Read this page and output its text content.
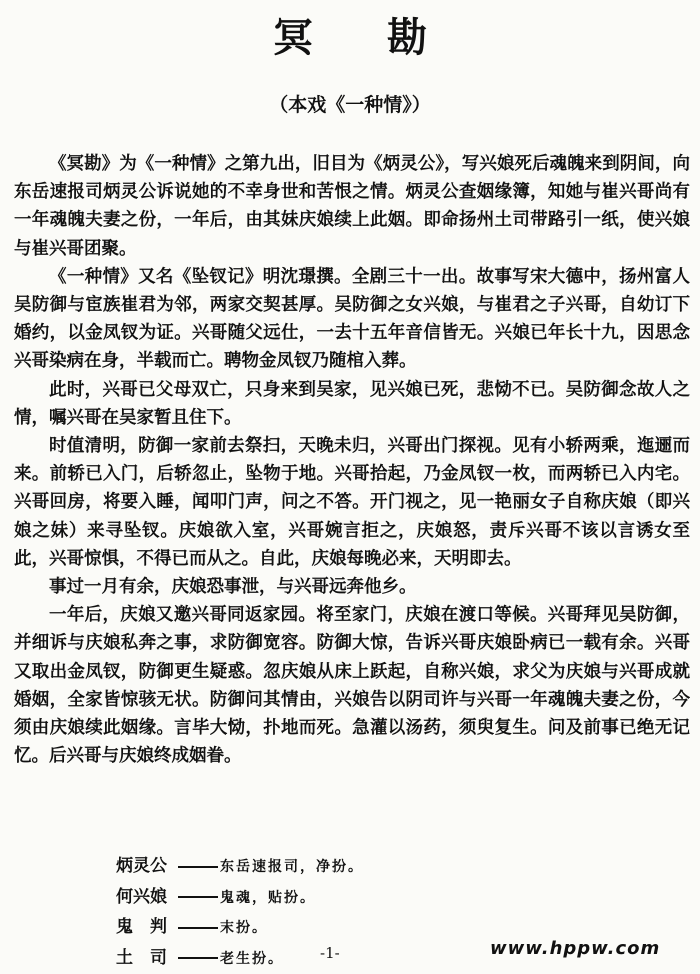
冥 勘
（本戏《一种情》）

《冥勘》为《一种情》之第九出，旧目为《炳灵公》，写兴娘死后魂魄来到阴间，向东岳速报司炳灵公诉说她的不幸身世和苦恨之情。炳灵公查姻缘簿，知她与崔兴哥尚有一年魂魄夫妻之份，一年后，由其妹庆娘续上此姻。即命扬州土司带路引一纸，使兴娘与崔兴哥团聚。

《一种情》又名《坠钗记》明沈璟撰。全剧三十一出。故事写宋大德中，扬州富人吴防御与宦族崔君为邻，两家交契甚厚。吴防御之女兴娘，与崔君之子兴哥，自幼订下婚约，以金凤钗为证。兴哥随父远仕，一去十五年音信皆无。兴娘已年长十九，因思念兴哥染病在身，半载而亡。聘物金凤钗乃随棺入葬。

此时，兴哥已父母双亡，只身来到吴家，见兴娘已死，悲恸不已。吴防御念故人之情，嘱兴哥在吴家暂且住下。

时值清明，防御一家前去祭扫，天晚未归，兴哥出门探视。见有小轿两乘，迤逦而来。前轿已入门，后轿忽止，坠物于地。兴哥拾起，乃金凤钗一枚，而两轿已入内宅。兴哥回房，将要入睡，闻叩门声，问之不答。开门视之，见一艳丽女子自称庆娘（即兴娘之妹）来寻坠钗。庆娘欲入室，兴哥婉言拒之，庆娘怒，责斥兴哥不该以言诱女至此，兴哥惊惧，不得已而从之。自此，庆娘每晚必来，天明即去。

事过一月有余，庆娘恐事泄，与兴哥远奔他乡。

一年后，庆娘又邀兴哥同返家园。将至家门，庆娘在渡口等候。兴哥拜见吴防御，并细诉与庆娘私奔之事，求防御宽容。防御大惊，告诉兴哥庆娘卧病已一载有余。兴哥又取出金凤钗，防御更生疑惑。忽庆娘从床上跃起，自称兴娘，求父为庆娘与兴哥成就婚姻，全家皆惊骇无状。防御问其情由，兴娘告以阴司许与兴哥一年魂魄夫妻之份，今须由庆娘续此姻缘。言毕大恸，扑地而死。急灌以汤药，须臾复生。问及前事已绝无记忆。后兴哥与庆娘终成姻眷。

炳灵公	东岳速报司，净扮。
何兴娘	鬼魂，贴扮。
鬼　判	末扮。
土　司	老生扮。	-1-	www.hppw.com
